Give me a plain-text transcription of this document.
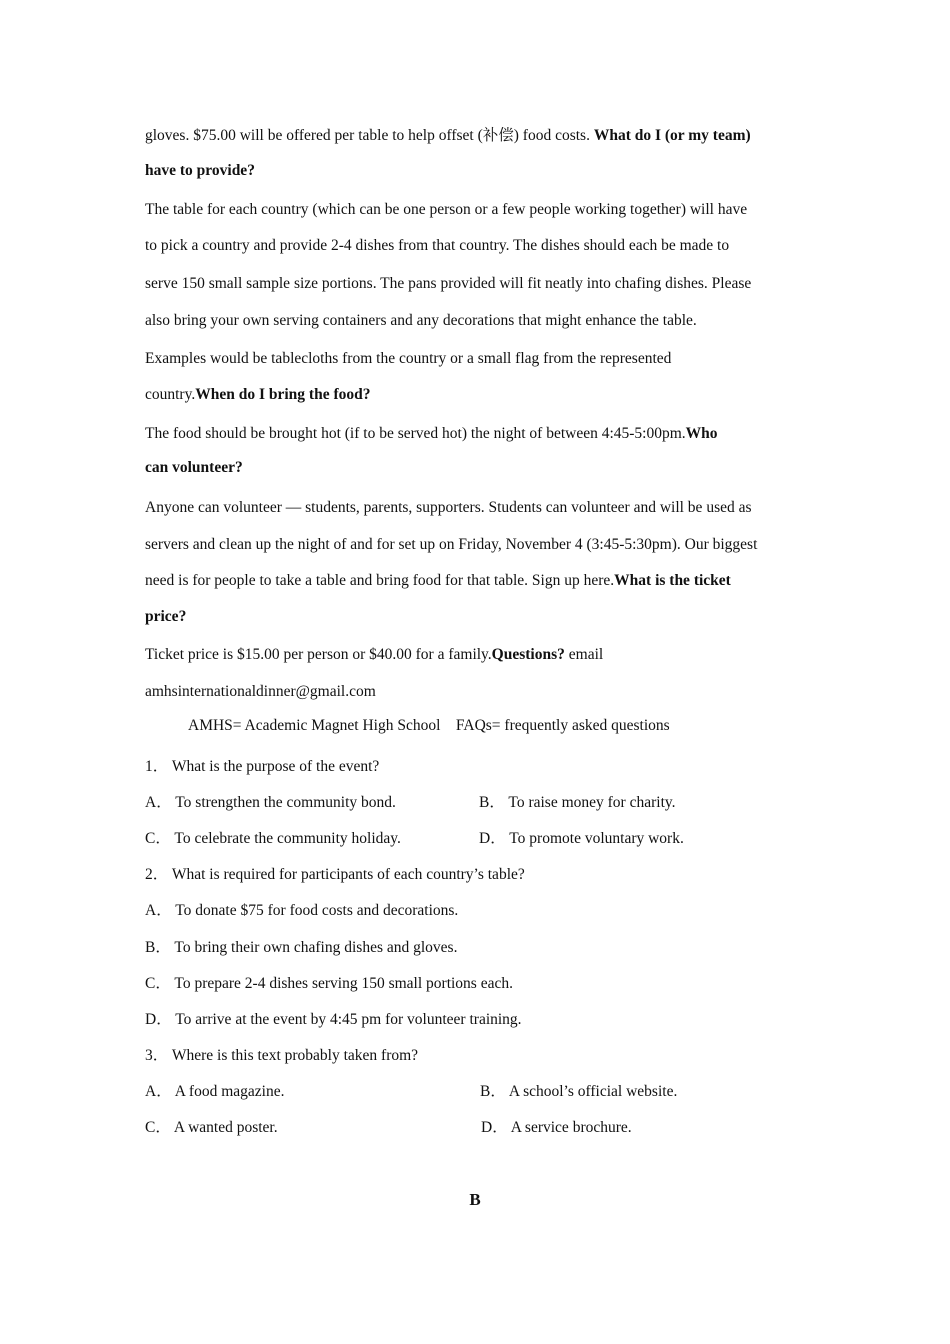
gloves. $75.00 will be offered per table to help offset (补偿) food costs. What do I (or my team)
have to provide?
The table for each country (which can be one person or a few people working together) will have
to pick a country and provide 2-4 dishes from that country. The dishes should each be made to
serve 150 small sample size portions. The pans provided will fit neatly into chafing dishes. Please
also bring your own serving containers and any decorations that might enhance the table.
Examples would be tablecloths from the country or a small flag from the represented
country.When do I bring the food?
The food should be brought hot (if to be served hot) the night of between 4:45-5:00pm.Who
can volunteer?
Anyone can volunteer — students, parents, supporters. Students can volunteer and will be used as
servers and clean up the night of and for set up on Friday, November 4 (3:45-5:30pm). Our biggest
need is for people to take a table and bring food for that table. Sign up here.What is the ticket
price?
Ticket price is $15.00 per person or $40.00 for a family.Questions? email
amhsinternationaldinner@gmail.com
AMHS= Academic Magnet High School    FAQs= frequently asked questions
1． What is the purpose of the event?
A． To strengthen the community bond.	B． To raise money for charity.
C． To celebrate the community holiday.	D． To promote voluntary work.
2． What is required for participants of each country’s table?
A． To donate $75 for food costs and decorations.
B． To bring their own chafing dishes and gloves.
C． To prepare 2-4 dishes serving 150 small portions each.
D． To arrive at the event by 4:45 pm for volunteer training.
3． Where is this text probably taken from?
A． A food magazine.	B． A school’s official website.
C． A wanted poster.	D． A service brochure.
B
